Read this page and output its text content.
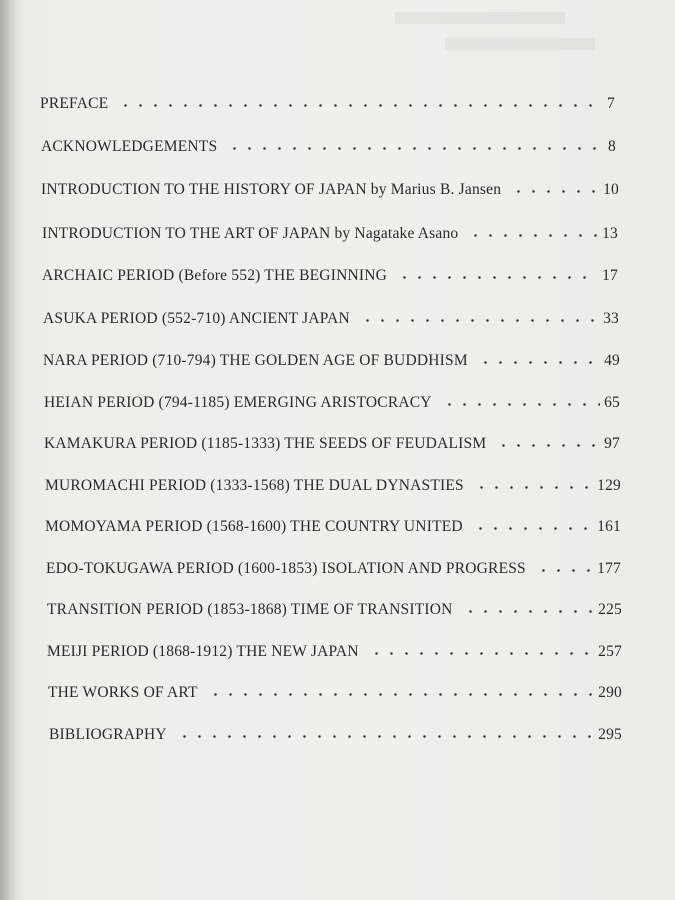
PREFACE	7
ACKNOWLEDGEMENTS	8
INTRODUCTION TO THE HISTORY OF JAPAN by Marius B. Jansen	10
INTRODUCTION TO THE ART OF JAPAN by Nagatake Asano	13
ARCHAIC PERIOD (Before 552) THE BEGINNING	17
ASUKA PERIOD (552-710) ANCIENT JAPAN	33
NARA PERIOD (710-794) THE GOLDEN AGE OF BUDDHISM	49
HEIAN PERIOD (794-1185) EMERGING ARISTOCRACY	65
KAMAKURA PERIOD (1185-1333) THE SEEDS OF FEUDALISM	97
MUROMACHI PERIOD (1333-1568) THE DUAL DYNASTIES	129
MOMOYAMA PERIOD (1568-1600) THE COUNTRY UNITED	161
EDO-TOKUGAWA PERIOD (1600-1853) ISOLATION AND PROGRESS	177
TRANSITION PERIOD (1853-1868) TIME OF TRANSITION	225
MEIJI PERIOD (1868-1912) THE NEW JAPAN	257
THE WORKS OF ART	290
BIBLIOGRAPHY	295
